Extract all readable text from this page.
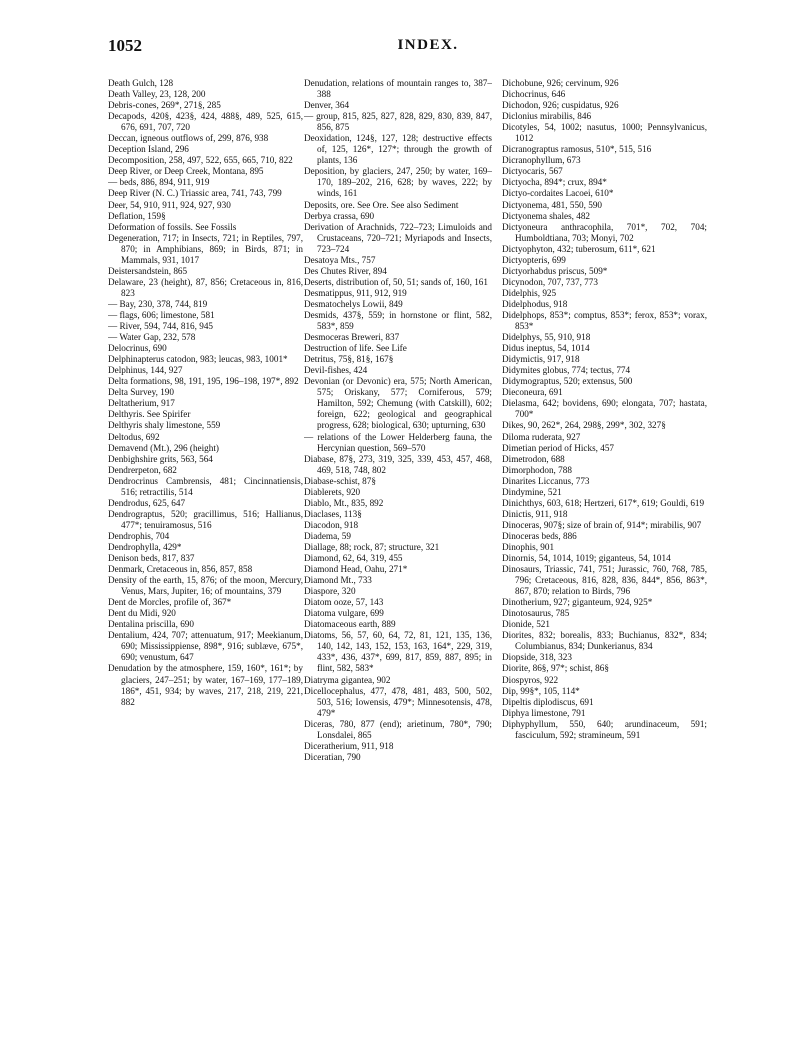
1052	INDEX.
Death Gulch, 128
Death Valley, 23, 128, 200
Debris-cones, 269*, 271§, 285
Decapods, 420§, 423§, 424, 488§, 489, 525, 615, 676, 691, 707, 720
Deccan, igneous outflows of, 299, 876, 938
Deception Island, 296
Decomposition, 258, 497, 522, 655, 665, 710, 822
Deep River, or Deep Creek, Montana, 895
— beds, 886, 894, 911, 919
Deep River (N. C.) Triassic area, 741, 743, 799
Deer, 54, 910, 911, 924, 927, 930
Deflation, 159§
Deformation of fossils. See Fossils
Degeneration, 717; in Insects, 721; in Reptiles, 797, 870; in Amphibians, 869; in Birds, 871; in Mammals, 931, 1017
Deistersandstein, 865
Delaware, 23 (height), 87, 856; Cretaceous in, 816, 823
— Bay, 230, 378, 744, 819
— flags, 606; limestone, 581
— River, 594, 744, 816, 945
— Water Gap, 232, 578
Delocrinus, 690
Delphinapterus catodon, 983; leucas, 983, 1001*
Delphinus, 144, 927
Delta formations, 98, 191, 195, 196–198, 197*, 892
Delta Survey, 190
Deltatherium, 917
Delthyris. See Spirifer
Delthyris shaly limestone, 559
Deltodus, 692
Demavend (Mt.), 296 (height)
Denbighshire grits, 563, 564
Dendrerpeton, 682
Dendrocrinus Cambrensis, 481; Cincinnatiensis, 516; retractilis, 514
Dendrodus, 625, 647
Dendrograptus, 520; gracillimus, 516; Hallianus, 477*; tenuiramosus, 516
Dendrophis, 704
Dendrophylla, 429*
Denison beds, 817, 837
Denmark, Cretaceous in, 856, 857, 858
Density of the earth, 15, 876; of the moon, Mercury, Venus, Mars, Jupiter, 16; of mountains, 379
Dent de Morcles, profile of, 367*
Dent du Midi, 920
Dentalina priscilla, 690
Dentalium, 424, 707; attenuatum, 917; Meekianum, 690; Mississippiense, 898*, 916; sublæve, 675*, 690; venustum, 647
Denudation by the atmosphere, 159, 160*, 161*; by glaciers, 247–251; by water, 167–169, 177–189, 186*, 451, 934; by waves, 217, 218, 219, 221, 882
Denudation, relations of mountain ranges to, 387–388
Denver, 364
— group, 815, 825, 827, 828, 829, 830, 839, 847, 856, 875
Deoxidation, 124§, 127, 128; destructive effects of, 125, 126*, 127*; through the growth of plants, 136
Deposition, by glaciers, 247, 250; by water, 169–170, 189–202, 216, 628; by waves, 222; by winds, 161
Deposits, ore. See Ore. See also Sediment
Derbya crassa, 690
Derivation of Arachnids, 722–723; Limuloids and Crustaceans, 720–721; Myriapods and Insects, 723–724
Desatoya Mts., 757
Des Chutes River, 894
Deserts, distribution of, 50, 51; sands of, 160, 161
Desmatippus, 911, 912, 919
Desmatochelys Lowii, 849
Desmids, 437§, 559; in hornstone or flint, 582, 583*, 859
Desmoceras Breweri, 837
Destruction of life. See Life
Detritus, 75§, 81§, 167§
Devil-fishes, 424
Devonian (or Devonic) era, 575; North American, 575; Oriskany, 577; Corniferous, 579; Hamilton, 592; Chemung (with Catskill), 602; foreign, 622; geological and geographical progress, 628; biological, 630; upturning, 630
— relations of the Lower Helderberg fauna, the Hercynian question, 569–570
Diabase, 87§, 273, 319, 325, 339, 453, 457, 468, 469, 518, 748, 802
Diabase-schist, 87§
Diablerets, 920
Diablo, Mt., 835, 892
Diaclases, 113§
Diacodon, 918
Diadema, 59
Diallage, 88; rock, 87; structure, 321
Diamond, 62, 64, 319, 455
Diamond Head, Oahu, 271*
Diamond Mt., 733
Diaspore, 320
Diatom ooze, 57, 143
Diatoma vulgare, 699
Diatomaceous earth, 889
Diatoms, 56, 57, 60, 64, 72, 81, 121, 135, 136, 140, 142, 143, 152, 153, 163, 164*, 229, 319, 433*, 436, 437*, 699, 817, 859, 887, 895; in flint, 582, 583*
Diatryma gigantea, 902
Dicellocephalus, 477, 478, 481, 483, 500, 502, 503, 516; Iowensis, 479*; Minnesotensis, 478, 479*
Diceras, 780, 877 (end); arietinum, 780*, 790; Lonsdalei, 865
Diceratherium, 911, 918
Diceratian, 790
Dichobune, 926; cervinum, 926
Dichocrinus, 646
Dichodon, 926; cuspidatus, 926
Diclonius mirabilis, 846
Dicotyles, 54, 1002; nasutus, 1000; Pennsylvanicus, 1012
Dicranograptus ramosus, 510*, 515, 516
Dicranophyllum, 673
Dictyocaris, 567
Dictyocha, 894*; crux, 894*
Dictyo-cordaites Lacoei, 610*
Dictyonema, 481, 550, 590
Dictyonema shales, 482
Dictyoneura anthracophila, 701*, 702, 704; Humboldtiana, 703; Monyi, 702
Dictyophyton, 432; tuberosum, 611*, 621
Dictyopteris, 699
Dictyorhabdus priscus, 509*
Dicynodon, 707, 737, 773
Didelphis, 925
Didelphodus, 918
Didelphops, 853*; comptus, 853*; ferox, 853*; vorax, 853*
Didelphys, 55, 910, 918
Didus ineptus, 54, 1014
Didymictis, 917, 918
Didymites globus, 774; tectus, 774
Didymograptus, 520; extensus, 500
Dieconeura, 691
Dielasma, 642; bovidens, 690; elongata, 707; hastata, 700*
Dikes, 90, 262*, 264, 298§, 299*, 302, 327§
Diloma ruderata, 927
Dimetian period of Hicks, 457
Dimetrodon, 688
Dimorphodon, 788
Dinarites Liccanus, 773
Dindymine, 521
Dinichthys, 603, 618; Hertzeri, 617*, 619; Gouldi, 619
Dinictis, 911, 918
Dinoceras, 907§; size of brain of, 914*; mirabilis, 907
Dinoceras beds, 886
Dinophis, 901
Dinornis, 54, 1014, 1019; giganteus, 54, 1014
Dinosaurs, Triassic, 741, 751; Jurassic, 760, 768, 785, 796; Cretaceous, 816, 828, 836, 844*, 856, 863*, 867, 870; relation to Birds, 796
Dinotherium, 927; giganteum, 924, 925*
Dinotosaurus, 785
Dionide, 521
Diorites, 832; borealis, 833; Buchianus, 832*, 834; Columbianus, 834; Dunkerianus, 834
Diopside, 318, 323
Diorite, 86§, 97*; schist, 86§
Diospyros, 922
Dip, 99§*, 105, 114*
Dipeltis diplodiscus, 691
Diphya limestone, 791
Diphyphyllum, 550, 640; arundinaceum, 591; fasciculum, 592; stramineum, 591
